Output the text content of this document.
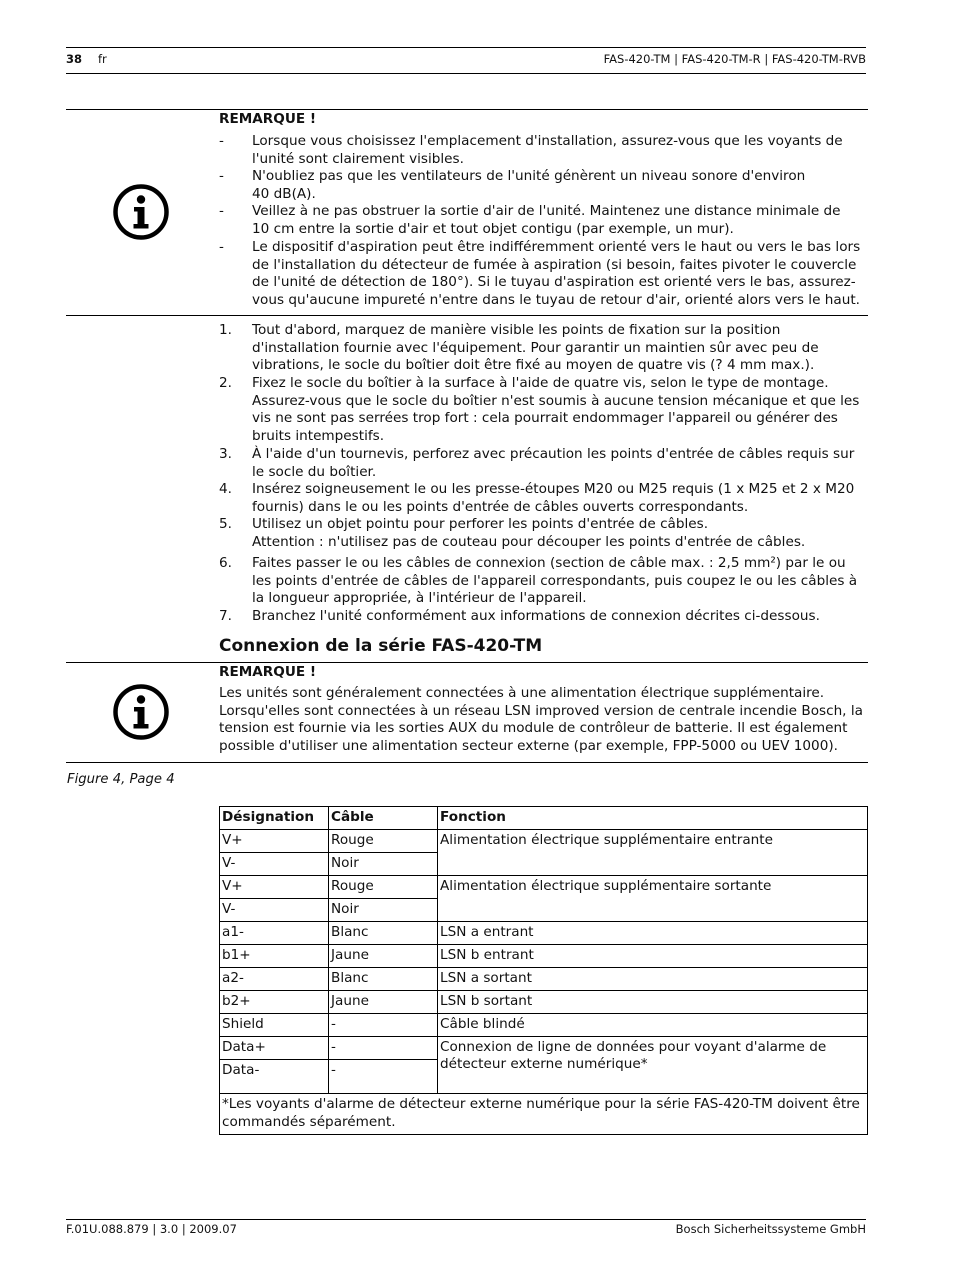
38 fr	FAS-420-TM | FAS-420-TM-R | FAS-420-TM-RVB
REMARQUE !
- Lorsque vous choisissez l'emplacement d'installation, assurez-vous que les voyants de
l'unité sont clairement visibles.
- N'oubliez pas que les ventilateurs de l'unité génèrent un niveau sonore d'environ
40 dB(A).
- Veillez à ne pas obstruer la sortie d'air de l'unité. Maintenez une distance minimale de
10 cm entre la sortie d'air et tout objet contigu (par exemple, un mur).
- Le dispositif d'aspiration peut être indifféremment orienté vers le haut ou vers le bas lors
de l'installation du détecteur de fumée à aspiration (si besoin, faites pivoter le couvercle
de l'unité de détection de 180°). Si le tuyau d'aspiration est orienté vers le bas, assurez-
vous qu'aucune impureté n'entre dans le tuyau de retour d'air, orienté alors vers le haut.
1. Tout d'abord, marquez de manière visible les points de fixation sur la position
d'installation fournie avec l'équipement. Pour garantir un maintien sûr avec peu de
vibrations, le socle du boîtier doit être fixé au moyen de quatre vis (? 4 mm max.).
2. Fixez le socle du boîtier à la surface à l'aide de quatre vis, selon le type de montage.
Assurez-vous que le socle du boîtier n'est soumis à aucune tension mécanique et que les
vis ne sont pas serrées trop fort : cela pourrait endommager l'appareil ou générer des
bruits intempestifs.
3. À l'aide d'un tournevis, perforez avec précaution les points d'entrée de câbles requis sur
le socle du boîtier.
4. Insérez soigneusement le ou les presse-étoupes M20 ou M25 requis (1 x M25 et 2 x M20
fournis) dans le ou les points d'entrée de câbles ouverts correspondants.
5. Utilisez un objet pointu pour perforer les points d'entrée de câbles.
Attention : n'utilisez pas de couteau pour découper les points d'entrée de câbles.
6. Faites passer le ou les câbles de connexion (section de câble max. : 2,5 mm²) par le ou
les points d'entrée de câbles de l'appareil correspondants, puis coupez le ou les câbles à
la longueur appropriée, à l'intérieur de l'appareil.
7. Branchez l'unité conformément aux informations de connexion décrites ci-dessous.
Connexion de la série FAS-420-TM
REMARQUE !
Les unités sont généralement connectées à une alimentation électrique supplémentaire.
Lorsqu'elles sont connectées à un réseau LSN improved version de centrale incendie Bosch, la
tension est fournie via les sorties AUX du module de contrôleur de batterie. Il est également
possible d'utiliser une alimentation secteur externe (par exemple, FPP-5000 ou UEV 1000).
Figure 4, Page 4
Désignation	Câble	Fonction
V+	Rouge	Alimentation électrique supplémentaire entrante
V-	Noir	
V+	Rouge	Alimentation électrique supplémentaire sortante
V-	Noir	
a1-	Blanc	LSN a entrant
b1+	Jaune	LSN b entrant
a2-	Blanc	LSN a sortant
b2+	Jaune	LSN b sortant
Shield	-	Câble blindé
Data+	-	Connexion de ligne de données pour voyant d'alarme de détecteur externe numérique*
Data-	-	
*Les voyants d'alarme de détecteur externe numérique pour la série FAS-420-TM doivent être commandés séparément.		
F.01U.088.879 | 3.0 | 2009.07	Bosch Sicherheitssysteme GmbH
